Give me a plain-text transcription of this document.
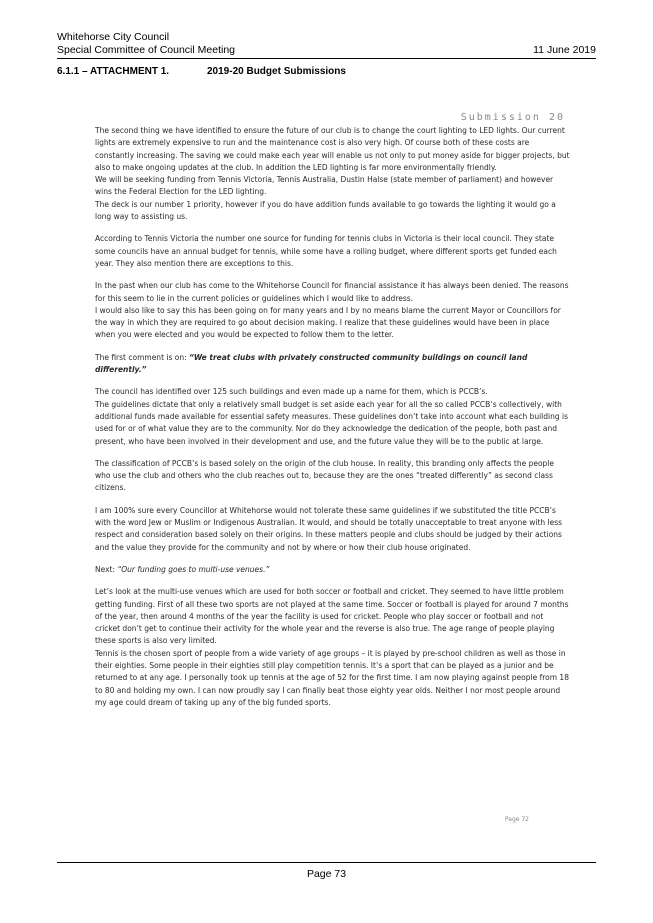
Whitehorse City Council
Special Committee of Council Meeting	11 June 2019
6.1.1 – ATTACHMENT 1.	2019-20 Budget Submissions
Submission 20

The second thing we have identified to ensure the future of our club is to change the court lighting to LED lights. Our current lights are extremely expensive to run and the maintenance cost is also very high. Of course both of these costs are constantly increasing. The saving we could make each year will enable us not only to put money aside for bigger projects, but also to make ongoing updates at the club. In addition the LED lighting is far more environmentally friendly.
We will be seeking funding from Tennis Victoria, Tennis Australia, Dustin Halse (state member of parliament) and however wins the Federal Election for the LED lighting.
The deck is our number 1 priority, however if you do have addition funds available to go towards the lighting it would go a long way to assisting us.

According to Tennis Victoria the number one source for funding for tennis clubs in Victoria is their local council. They state some councils have an annual budget for tennis, while some have a rolling budget, where different sports get funded each year. They also mention there are exceptions to this.

In the past when our club has come to the Whitehorse Council for financial assistance it has always been denied. The reasons for this seem to lie in the current policies or guidelines which I would like to address.
I would also like to say this has been going on for many years and I by no means blame the current Mayor or Councillors for the way in which they are required to go about decision making. I realize that these guidelines would have been in place when you were elected and you would be expected to follow them to the letter.

The first comment is on: “We treat clubs with privately constructed community buildings on council land differently.”

The council has identified over 125 such buildings and even made up a name for them, which is PCCB’s.
The guidelines dictate that only a relatively small budget is set aside each year for all the so called PCCB’s collectively, with additional funds made available for essential safety measures. These guidelines don’t take into account what each building is used for or of what value they are to the community. Nor do they acknowledge the dedication of the people, both past and present, who have been involved in their development and use, and the future value they will be to the public at large.

The classification of PCCB’s is based solely on the origin of the club house. In reality, this branding only affects the people who use the club and others who the club reaches out to, because they are the ones “treated differently” as second class citizens.

I am 100% sure every Councillor at Whitehorse would not tolerate these same guidelines if we substituted the title PCCB’s with the word Jew or Muslim or Indigenous Australian. It would, and should be totally unacceptable to treat anyone with less respect and consideration based solely on their origins. In these matters people and clubs should be judged by their actions and the value they provide for the community and not by where or how their club house originated.

Next: “Our funding goes to multi-use venues.”

Let’s look at the multi-use venues which are used for both soccer or football and cricket. They seemed to have little problem getting funding. First of all these two sports are not played at the same time. Soccer or football is played for around 7 months of the year, then around 4 months of the year the facility is used for cricket. People who play soccer or football and not cricket don’t get to continue their activity for the whole year and the reverse is also true. The age range of people playing these sports is also very limited.
Tennis is the chosen sport of people from a wide variety of age groups – it is played by pre-school children as well as those in their eighties. Some people in their eighties still play competition tennis. It’s a sport that can be played as a junior and be returned to at any age. I personally took up tennis at the age of 52 for the first time. I am now playing against people from 18 to 80 and holding my own. I can now proudly say I can finally beat those eighty year olds. Neither I nor most people around my age could dream of taking up any of the big funded sports.

Page 72
Page 73
